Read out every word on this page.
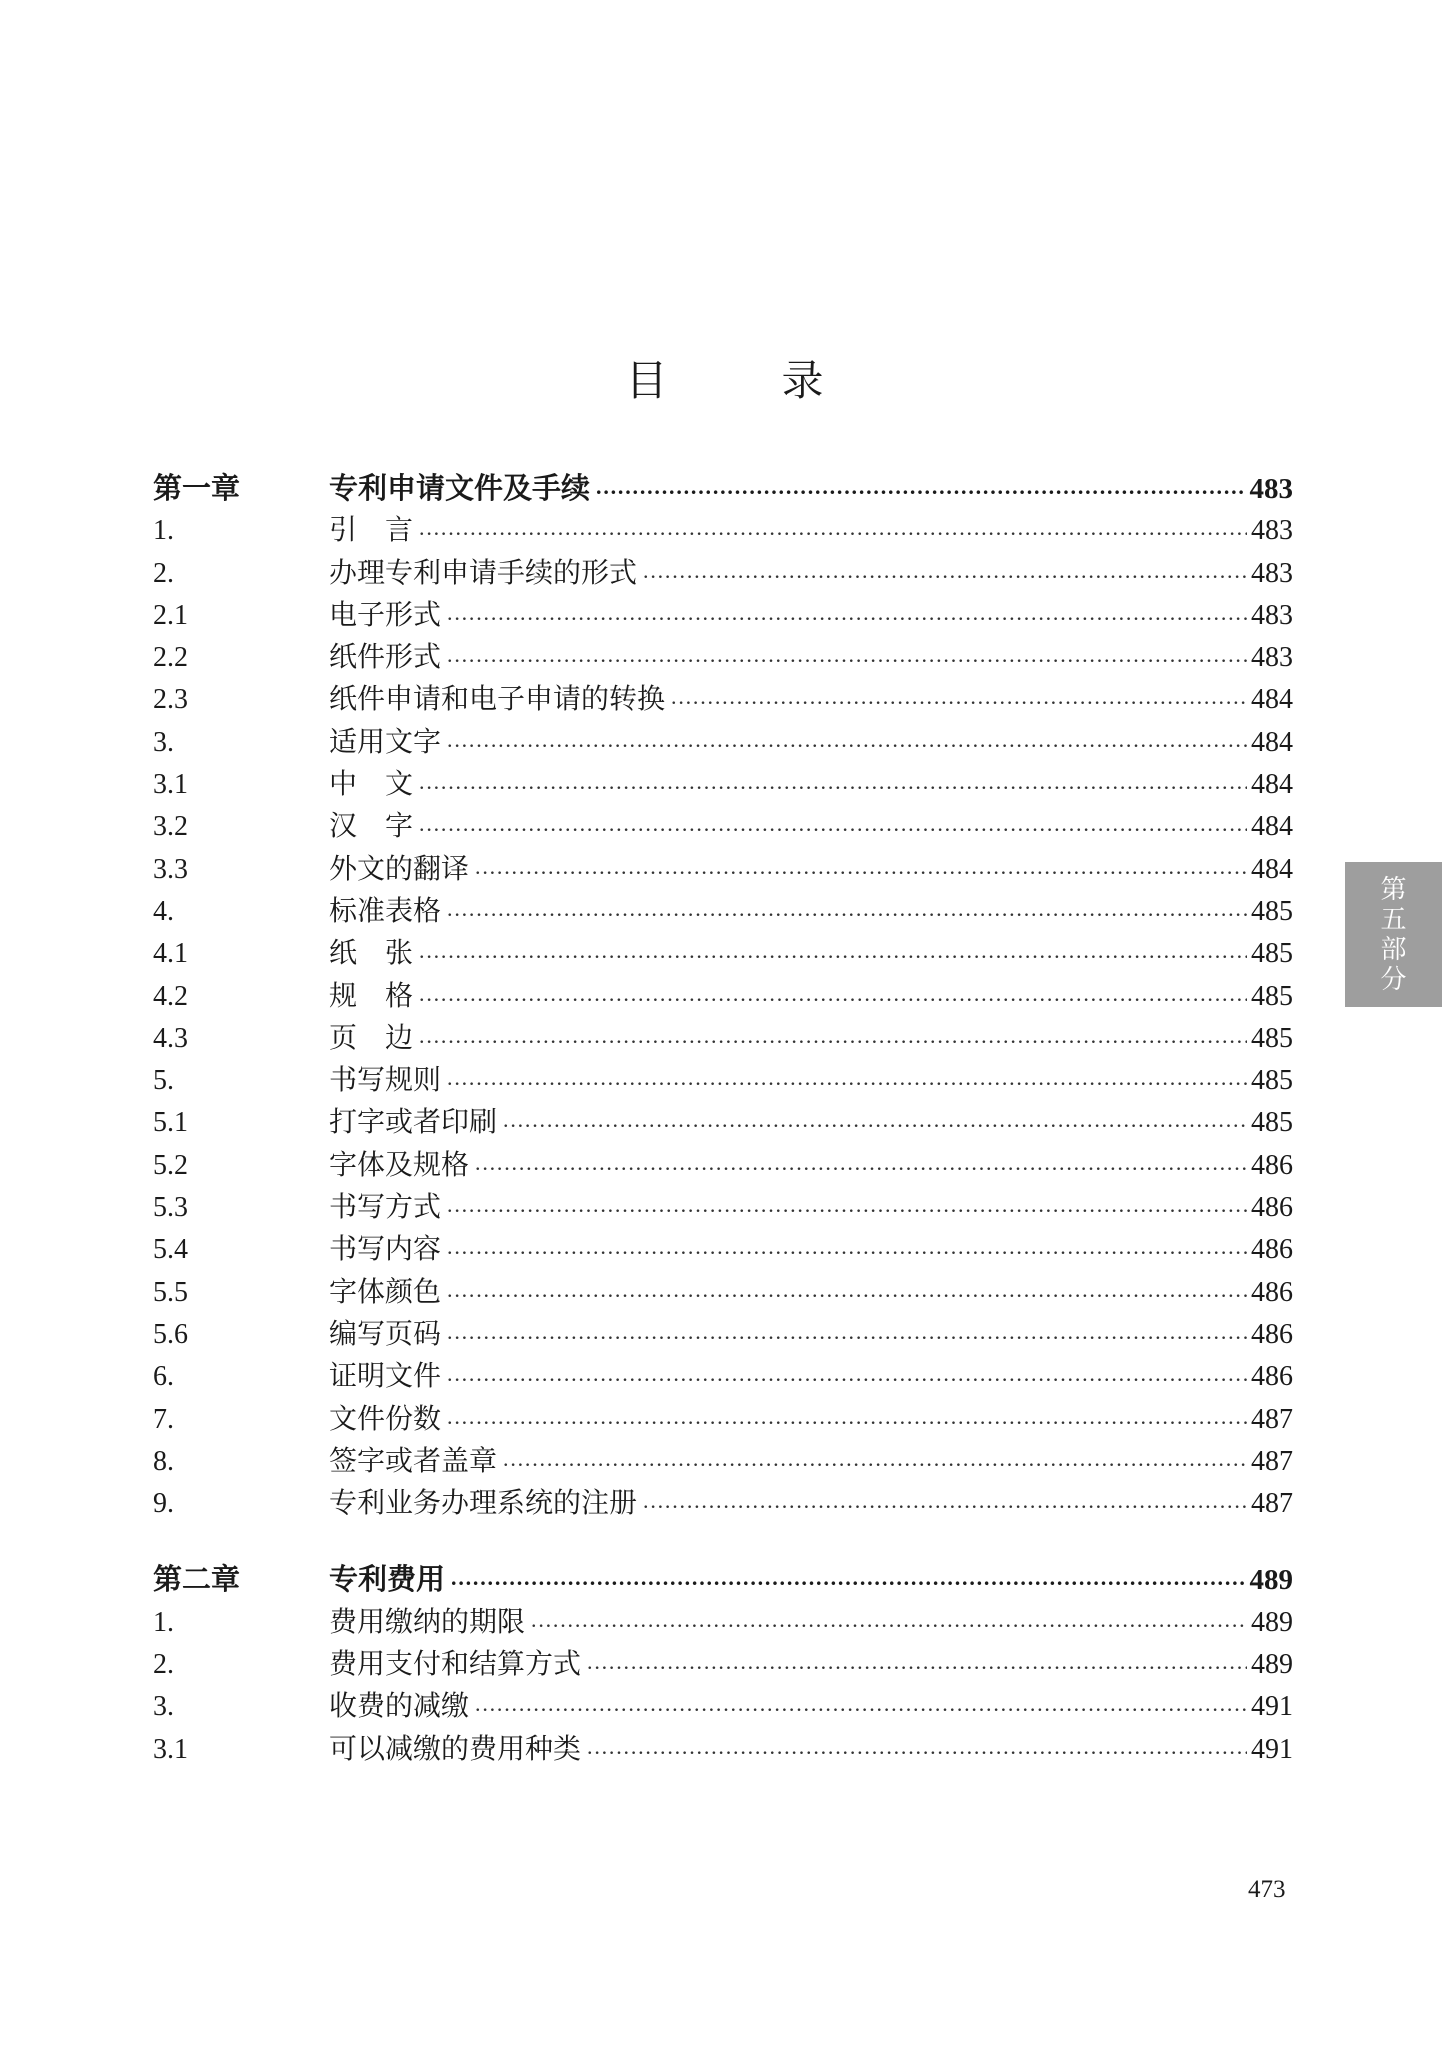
目　录
第一章	专利申请文件及手续 .....	483
1.	引　言 .....	483
2.	办理专利申请手续的形式 .....	483
2.1	电子形式 .....	483
2.2	纸件形式 .....	483
2.3	纸件申请和电子申请的转换 .....	484
3.	适用文字 .....	484
3.1	中　文 .....	484
3.2	汉　字 .....	484
3.3	外文的翻译 .....	484
4.	标准表格 .....	485
4.1	纸　张 .....	485
4.2	规　格 .....	485
4.3	页　边 .....	485
5.	书写规则 .....	485
5.1	打字或者印刷 .....	485
5.2	字体及规格 .....	486
5.3	书写方式 .....	486
5.4	书写内容 .....	486
5.5	字体颜色 .....	486
5.6	编写页码 .....	486
6.	证明文件 .....	486
7.	文件份数 .....	487
8.	签字或者盖章 .....	487
9.	专利业务办理系统的注册 .....	487
第二章	专利费用 .....	489
1.	费用缴纳的期限 .....	489
2.	费用支付和结算方式 .....	489
3.	收费的减缴 .....	491
3.1	可以减缴的费用种类 .....	491
第
五
部
分
473
